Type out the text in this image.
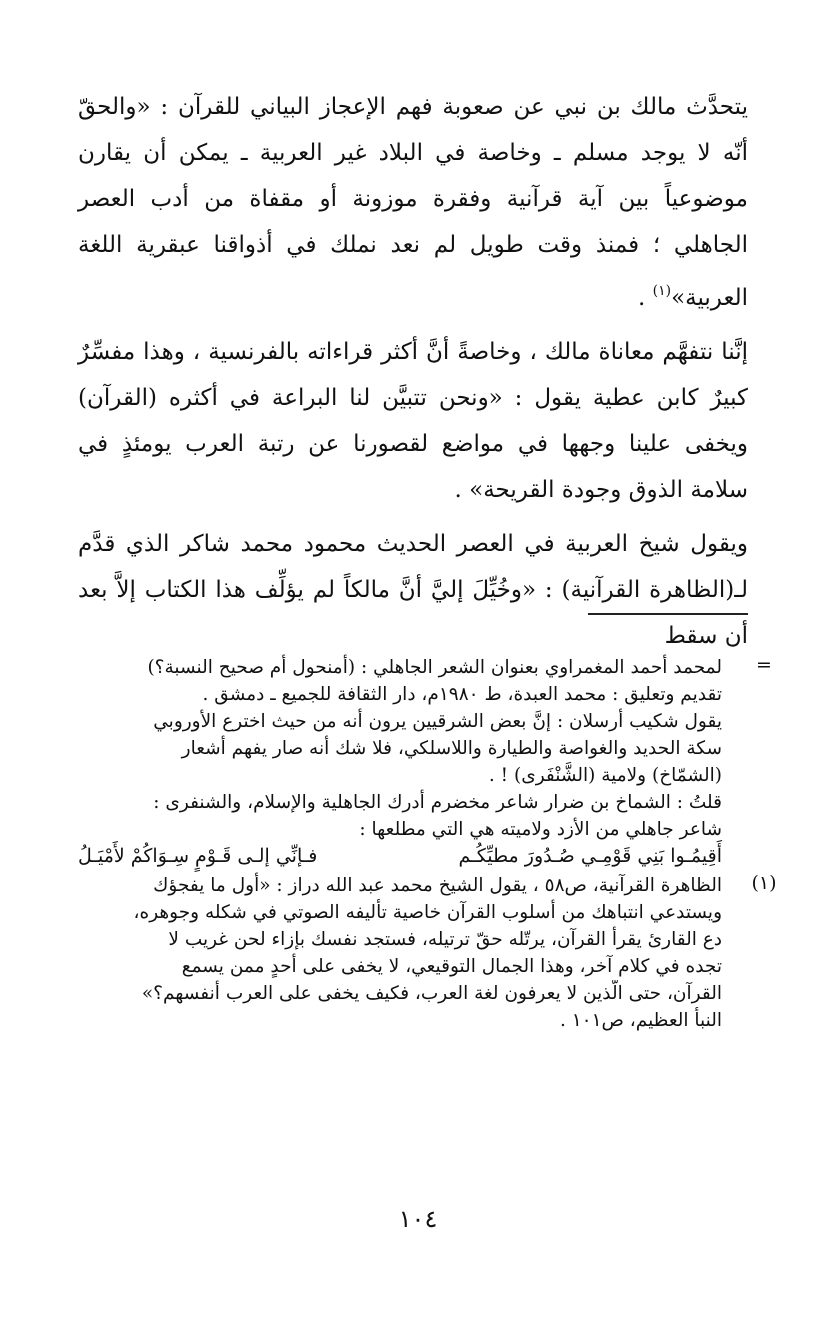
يتحدَّث مالك بن نبي عن صعوبة فهم الإعجاز البياني للقرآن : «والحقّ أنّه لا يوجد مسلم ـ وخاصة في البلاد غير العربية ـ يمكن أن يقارن موضوعياً بين آية قرآنية وفقرة موزونة أو مقفاة من أدب العصر الجاهلي ؛ فمنذ وقت طويل لم نعد نملك في أذواقنا عبقرية اللغة العربية»$^{(١)}$ .

إنَّنا نتفهَّم معاناة مالك ، وخاصةً أنَّ أكثر قراءاته بالفرنسية ، وهذا مفسِّرٌ كبيرٌ كابن عطية يقول : «ونحن تتبيَّن لنا البراعة في أكثره (القرآن) ويخفى علينا وجهها في مواضع لقصورنا عن رتبة العرب يومئذٍ في سلامة الذوق وجودة القريحة» .

ويقول شيخ العربية في العصر الحديث محمود محمد شاكر الذي قدَّم لـ(الظاهرة القرآنية) : «وخُيِّلَ إليَّ أنَّ مالكاً لم يؤلِّف هذا الكتاب إلاَّ بعد أن سقط

=

لمحمد أحمد المغمراوي بعنوان الشعر الجاهلي : (أمنحول أم صحيح النسبة؟)

تقديم وتعليق : محمد العبدة، ط ١٩٨٠م، دار الثقافة للجميع ـ دمشق .

يقول شكيب أرسلان : إنَّ بعض الشرقيين يرون أنه من حيث اخترع الأوروبي

سكة الحديد والغواصة والطيارة واللاسلكي، فلا شك أنه صار يفهم أشعار

(الشمّاخ) ولامية (الشَّنْفَرى) ! .

قلتُ : الشماخ بن ضرار شاعر مخضرم أدرك الجاهلية والإسلام، والشنفرى :

شاعر جاهلي من الأزد ولاميته هي التي مطلعها :

أَقِيمُـوا بَنِي قَوْمِـي صُـدُورَ مطيِّكُـم
فـإنِّي إلـى قَـوْمٍ سِـوَاكُمْ لأَمْيَـلُ
(١)

الظاهرة القرآنية، ص٥٨ ، يقول الشيخ محمد عبد الله دراز : «أول ما يفجؤك

ويستدعي انتباهك من أسلوب القرآن خاصية تأليفه الصوتي في شكله وجوهره،

دع القارئ يقرأ القرآن، يرتّله حقّ ترتيله، فستجد نفسك بإزاء لحن غريب لا

تجده في كلام آخر، وهذا الجمال التوقيعي، لا يخفى على أحدٍ ممن يسمع

القرآن، حتى الّذين لا يعرفون لغة العرب، فكيف يخفى على العرب أنفسهم؟»

النبأ العظيم، ص١٠١ .

١٠٤
